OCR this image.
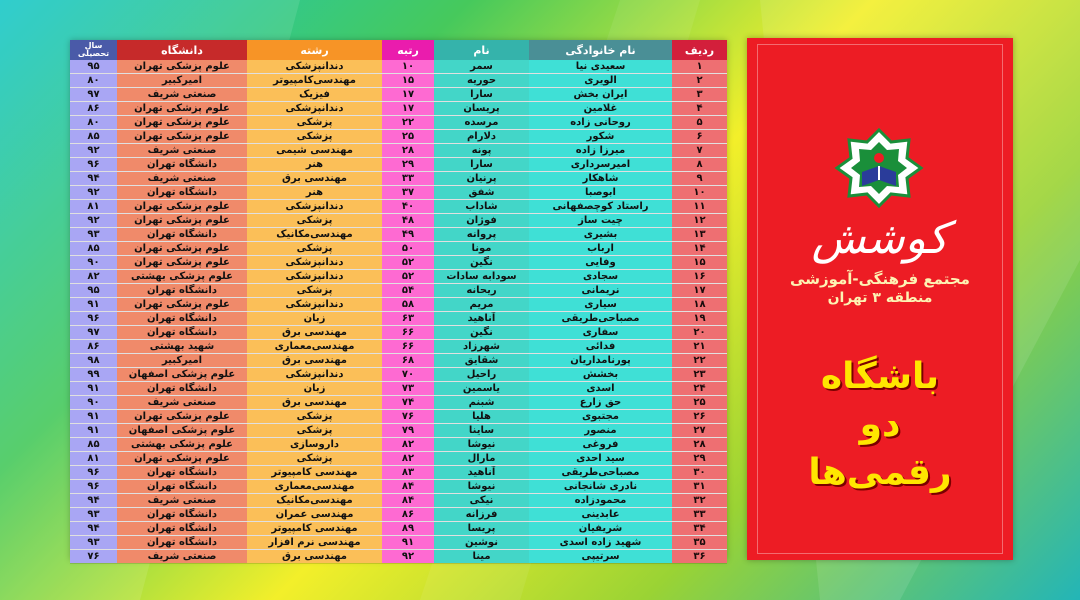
ردیف	نام خانوادگی	نام	رتبه	رشته	دانشگاه	سال تحصیلی
۱	سعیدی نیا	سمر	۱۰	دندانپزشکی	علوم پزشکی تهران	۹۵
۲	الویری	حوریه	۱۵	مهندسی‌کامپیوتر	امیرکبیر	۸۰
۳	ایران بخش	سارا	۱۷	فیزیک	صنعتی شریف	۹۷
۴	غلامین	پریسان	۱۷	دندانپزشکی	علوم پزشکی تهران	۸۶
۵	روحانی زاده	مرسده	۲۲	پزشکی	علوم پزشکی تهران	۸۰
۶	شکور	دلارام	۲۵	پزشکی	علوم پزشکی تهران	۸۵
۷	میرزا زاده	پونه	۲۸	مهندسی شیمی	صنعتی شریف	۹۲
۸	امیرسرداری	سارا	۲۹	هنر	دانشگاه تهران	۹۶
۹	شاهکار	پرنیان	۳۳	مهندسی برق	صنعتی شریف	۹۴
۱۰	ابوصبا	شفق	۳۷	هنر	دانشگاه تهران	۹۲
۱۱	راستاد کوچصفهانی	شاداب	۴۰	دندانپزشکی	علوم پزشکی تهران	۸۱
۱۲	چیت ساز	فوژان	۴۸	پزشکی	علوم پزشکی تهران	۹۲
۱۳	بشیری	پروانه	۴۹	مهندسی‌مکانیک	دانشگاه تهران	۹۳
۱۴	ارباب	مونا	۵۰	پزشکی	علوم پزشکی تهران	۸۵
۱۵	وفایی	نگین	۵۲	دندانپزشکی	علوم پزشکی تهران	۹۰
۱۶	سجادی	سودابه سادات	۵۲	دندانپزشکی	علوم پزشکی بهشتی	۸۲
۱۷	نریمانی	ریحانه	۵۴	پزشکی	دانشگاه تهران	۹۵
۱۸	سیاری	مریم	۵۸	دندانپزشکی	علوم پزشکی تهران	۹۱
۱۹	مصباحی‌طریقی	آناهید	۶۳	زبان	دانشگاه تهران	۹۶
۲۰	سفاری	نگین	۶۶	مهندسی برق	دانشگاه تهران	۹۷
۲۱	فدائی	شهرزاد	۶۶	مهندسی‌معماری	شهید بهشتی	۸۶
۲۲	پورنامداریان	شقایق	۶۸	مهندسی برق	امیرکبیر	۹۸
۲۳	بخشش	راحیل	۷۰	دندانپزشکی	علوم پزشکی اصفهان	۹۹
۲۴	اسدی	یاسمین	۷۳	زبان	دانشگاه تهران	۹۱
۲۵	حق زارع	شبنم	۷۴	مهندسی برق	صنعتی شریف	۹۰
۲۶	مجتبوی	هلیا	۷۶	پزشکی	علوم پزشکی تهران	۹۱
۲۷	منصور	ساینا	۷۹	پزشکی	علوم پزشکی اصفهان	۹۱
۲۸	فروغی	نیوشا	۸۲	داروسازی	علوم پزشکی بهشتی	۸۵
۲۹	سید احدی	مارال	۸۲	پزشکی	علوم پزشکی تهران	۸۱
۳۰	مصباحی‌طریقی	آناهید	۸۳	مهندسی کامپیوتر	دانشگاه تهران	۹۶
۳۱	نادری شانجانی	نیوشا	۸۴	مهندسی‌معماری	دانشگاه تهران	۹۶
۳۲	محمودزاده	نیکی	۸۴	مهندسی‌مکانیک	صنعتی شریف	۹۴
۳۳	عابدینی	فرزانه	۸۶	مهندسی عمران	دانشگاه تهران	۹۳
۳۴	شریفیان	پریسا	۸۹	مهندسی کامپیوتر	دانشگاه تهران	۹۴
۳۵	شهید زاده اسدی	نوشین	۹۱	مهندسی نرم افزار	دانشگاه تهران	۹۳
۳۶	سرتیپی	مینا	۹۲	مهندسی برق	صنعتی شریف	۷۶
کوشش
مجتمع فرهنگی-آموزشی
منطقه ۳ تهران
باشگاه
دو
رقمی‌ها
